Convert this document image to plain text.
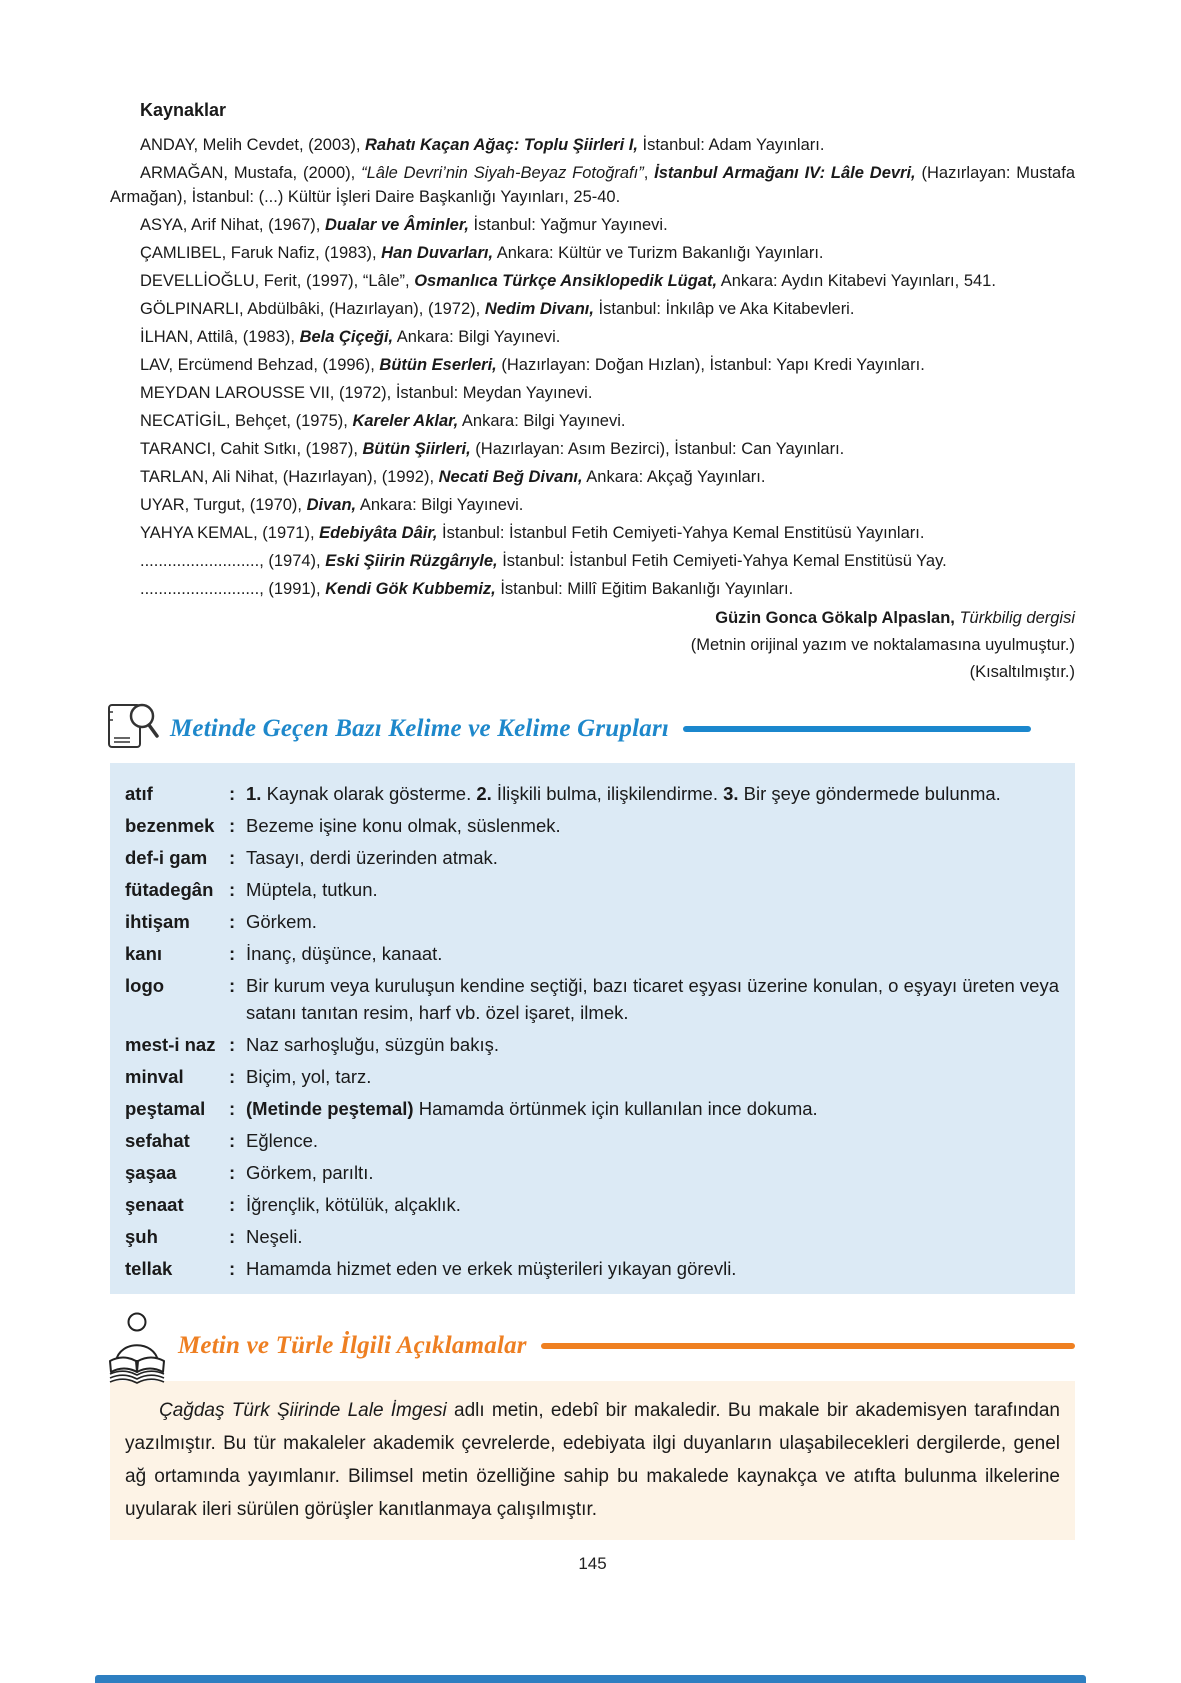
Kaynaklar

ANDAY, Melih Cevdet, (2003), Rahatı Kaçan Ağaç: Toplu Şiirleri I, İstanbul: Adam Yayınları.

ARMAĞAN, Mustafa, (2000), “Lâle Devri’nin Siyah-Beyaz Fotoğrafı”, İstanbul Armağanı IV: Lâle Devri, (Hazırlayan: Mustafa Armağan), İstanbul: (...) Kültür İşleri Daire Başkanlığı Yayınları, 25-40.

ASYA, Arif Nihat, (1967), Dualar ve Âminler, İstanbul: Yağmur Yayınevi.

ÇAMLIBEL, Faruk Nafiz, (1983), Han Duvarları, Ankara: Kültür ve Turizm Bakanlığı Yayınları.

DEVELLİOĞLU, Ferit, (1997), “Lâle”, Osmanlıca Türkçe Ansiklopedik Lügat, Ankara: Aydın Kitabevi Yayınları, 541.

GÖLPINARLI, Abdülbâki, (Hazırlayan), (1972), Nedim Divanı, İstanbul: İnkılâp ve Aka Kitabevleri.

İLHAN, Attilâ, (1983), Bela Çiçeği, Ankara: Bilgi Yayınevi.

LAV, Ercümend Behzad, (1996), Bütün Eserleri, (Hazırlayan: Doğan Hızlan), İstanbul: Yapı Kredi Yayınları.

MEYDAN LAROUSSE VII, (1972), İstanbul: Meydan Yayınevi.

NECATİGİL, Behçet, (1975), Kareler Aklar, Ankara: Bilgi Yayınevi.

TARANCI, Cahit Sıtkı, (1987), Bütün Şiirleri, (Hazırlayan: Asım Bezirci), İstanbul: Can Yayınları.

TARLAN, Ali Nihat, (Hazırlayan), (1992), Necati Beğ Divanı, Ankara: Akçağ Yayınları.

UYAR, Turgut, (1970), Divan, Ankara: Bilgi Yayınevi.

YAHYA KEMAL, (1971), Edebiyâta Dâir, İstanbul: İstanbul Fetih Cemiyeti-Yahya Kemal Enstitüsü Yayınları.

.........................., (1974), Eski Şiirin Rüzgârıyle, İstanbul: İstanbul Fetih Cemiyeti-Yahya Kemal Enstitüsü Yay.

.........................., (1991), Kendi Gök Kubbemiz, İstanbul: Millî Eğitim Bakanlığı Yayınları.

Güzin Gonca Gökalp Alpaslan, Türkbilig dergisi

(Metnin orijinal yazım ve noktalamasına uyulmuştur.)

(Kısaltılmıştır.)

Metinde Geçen Bazı Kelime ve Kelime Grupları
atıf	: 1. Kaynak olarak gösterme. 2. İlişkili bulma, ilişkilendirme. 3. Bir şeye göndermede bulunma.
bezenmek : Bezeme işine konu olmak, süslenmek.
def-i gam	: Tasayı, derdi üzerinden atmak.
fütadegân : Müptela, tutkun.
ihtişam	: Görkem.
kanı	: İnanç, düşünce, kanaat.
logo	: Bir kurum veya kuruluşun kendine seçtiği, bazı ticaret eşyası üzerine konulan, o eşyayı üreten veya satanı tanıtan resim, harf vb. özel işaret, ilmek.
mest-i naz : Naz sarhoşluğu, süzgün bakış.
minval	: Biçim, yol, tarz.
peştamal	: (Metinde peştemal) Hamamda örtünmek için kullanılan ince dokuma.
sefahat	: Eğlence.
şaşaa	: Görkem, parıltı.
şenaat	: İğrençlik, kötülük, alçaklık.
şuh	: Neşeli.
tellak	: Hamamda hizmet eden ve erkek müşterileri yıkayan görevli.
Metin ve Türle İlgili Açıklamalar

Çağdaş Türk Şiirinde Lale İmgesi adlı metin, edebî bir makaledir. Bu makale bir akademisyen tarafından yazılmıştır. Bu tür makaleler akademik çevrelerde, edebiyata ilgi duyanların ulaşabilecekleri dergilerde, genel ağ ortamında yayımlanır. Bilimsel metin özelliğine sahip bu makalede kaynakça ve atıfta bulunma ilkelerine uyularak ileri sürülen görüşler kanıtlanmaya çalışılmıştır.

145
